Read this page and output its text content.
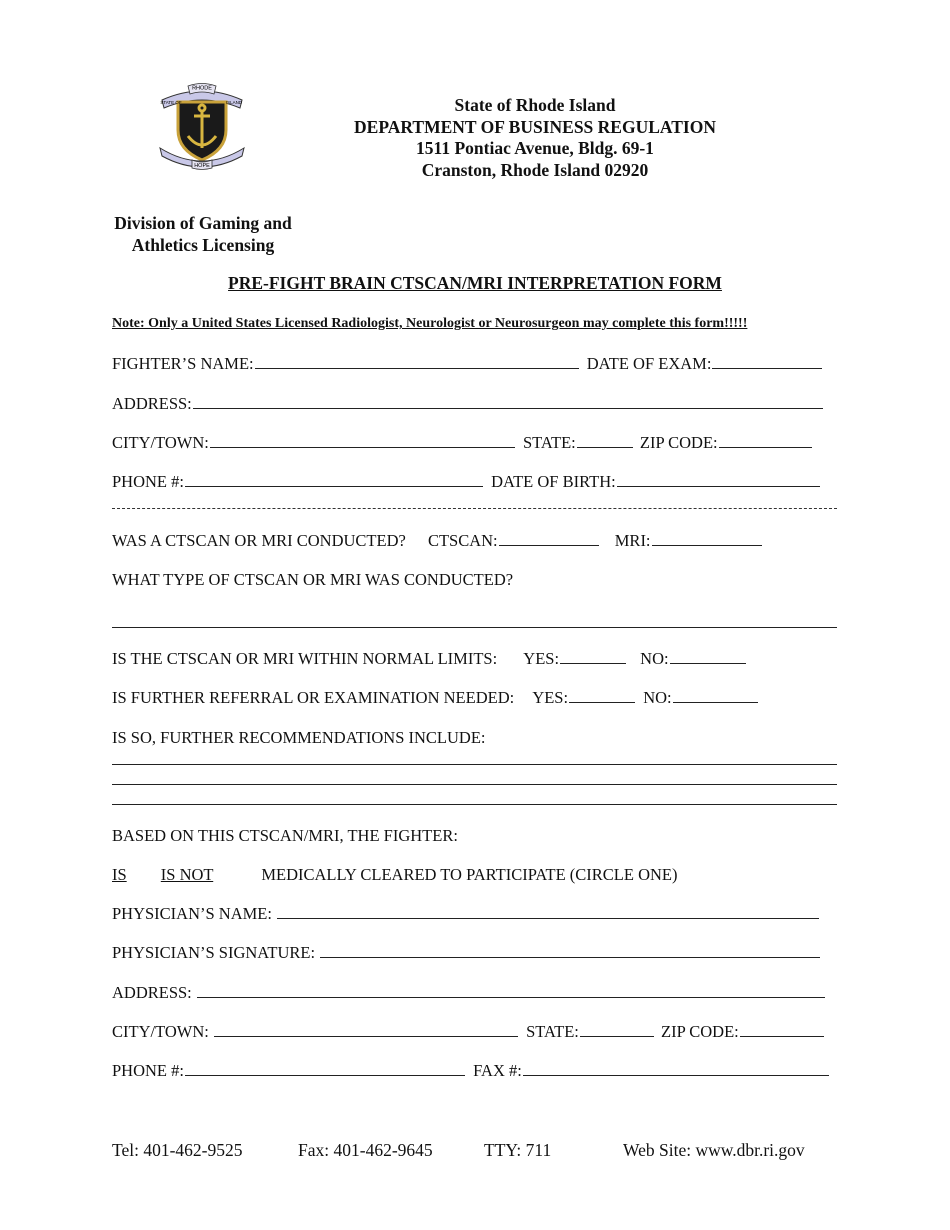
RHODE
STATE OF	ISLAND
HOPE
State of Rhode Island
DEPARTMENT OF BUSINESS REGULATION
1511 Pontiac Avenue, Bldg. 69-1
Cranston, Rhode Island 02920
Division of Gaming and
Athletics Licensing
PRE-FIGHT BRAIN CTSCAN/MRI INTERPRETATION FORM
Note: Only a United States Licensed Radiologist, Neurologist or Neurosurgeon may complete this form!!!!!
FIGHTER’S NAME:	DATE OF EXAM:
ADDRESS:
CITY/TOWN:	STATE:	ZIP CODE:
PHONE #:	DATE OF BIRTH:
WAS A CTSCAN OR MRI CONDUCTED? CTSCAN:	MRI:
WHAT TYPE OF CTSCAN OR MRI WAS CONDUCTED?
IS THE CTSCAN OR MRI WITHIN NORMAL LIMITS: YES:	NO:
IS FURTHER REFERRAL OR EXAMINATION NEEDED: YES:	NO:
IS SO, FURTHER RECOMMENDATIONS INCLUDE:
BASED ON THIS CTSCAN/MRI, THE FIGHTER:
IS IS NOT	MEDICALLY CLEARED TO PARTICIPATE (CIRCLE ONE)
PHYSICIAN’S NAME:
PHYSICIAN’S SIGNATURE:
ADDRESS:
CITY/TOWN:	STATE:	ZIP CODE:
PHONE #:	FAX #:
Tel: 401-462-9525	Fax: 401-462-9645	TTY: 711	Web Site: www.dbr.ri.gov
